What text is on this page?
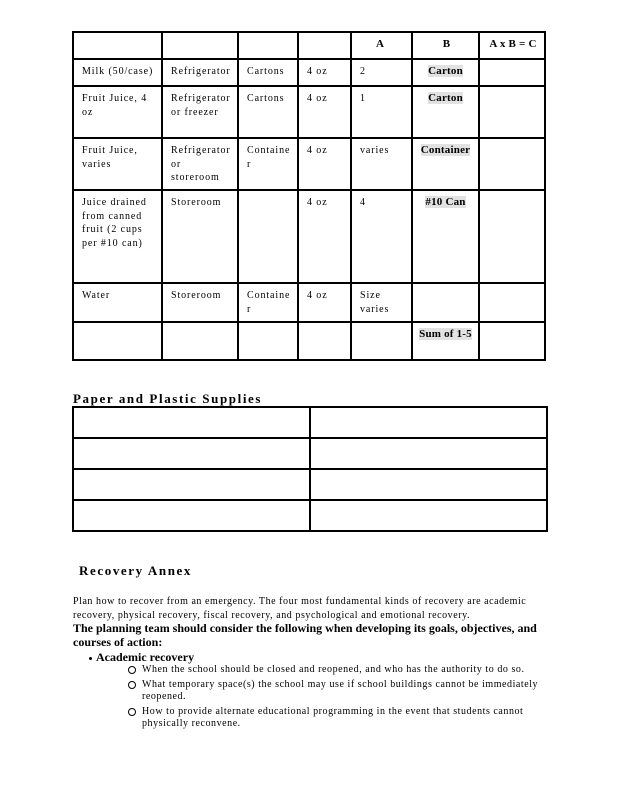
				A	B	A x B = C
Milk (50/case)	Refrigerator	Cartons	4 oz	2	Carton	
Fruit Juice, 4 oz	Refrigerator or freezer	Cartons	4 oz	1	Carton	
Fruit Juice, varies	Refrigerator or storeroom	Container	4 oz	varies	Container	
Juice drained from canned fruit (2 cups per #10 can)	Storeroom		4 oz	4	#10 Can	
Water	Storeroom	Container	4 oz	Size varies		
					Sum of 1-5	
Paper and Plastic Supplies

Recovery Annex
Plan how to recover from an emergency. The four most fundamental kinds of recovery are academic recovery, physical recovery, fiscal recovery, and psychological and emotional recovery.
The planning team should consider the following when developing its goals, objectives, and courses of action:
Academic recovery
When the school should be closed and reopened, and who has the authority to do so.
What temporary space(s) the school may use if school buildings cannot be immediately reopened.
How to provide alternate educational programming in the event that students cannot physically reconvene.
